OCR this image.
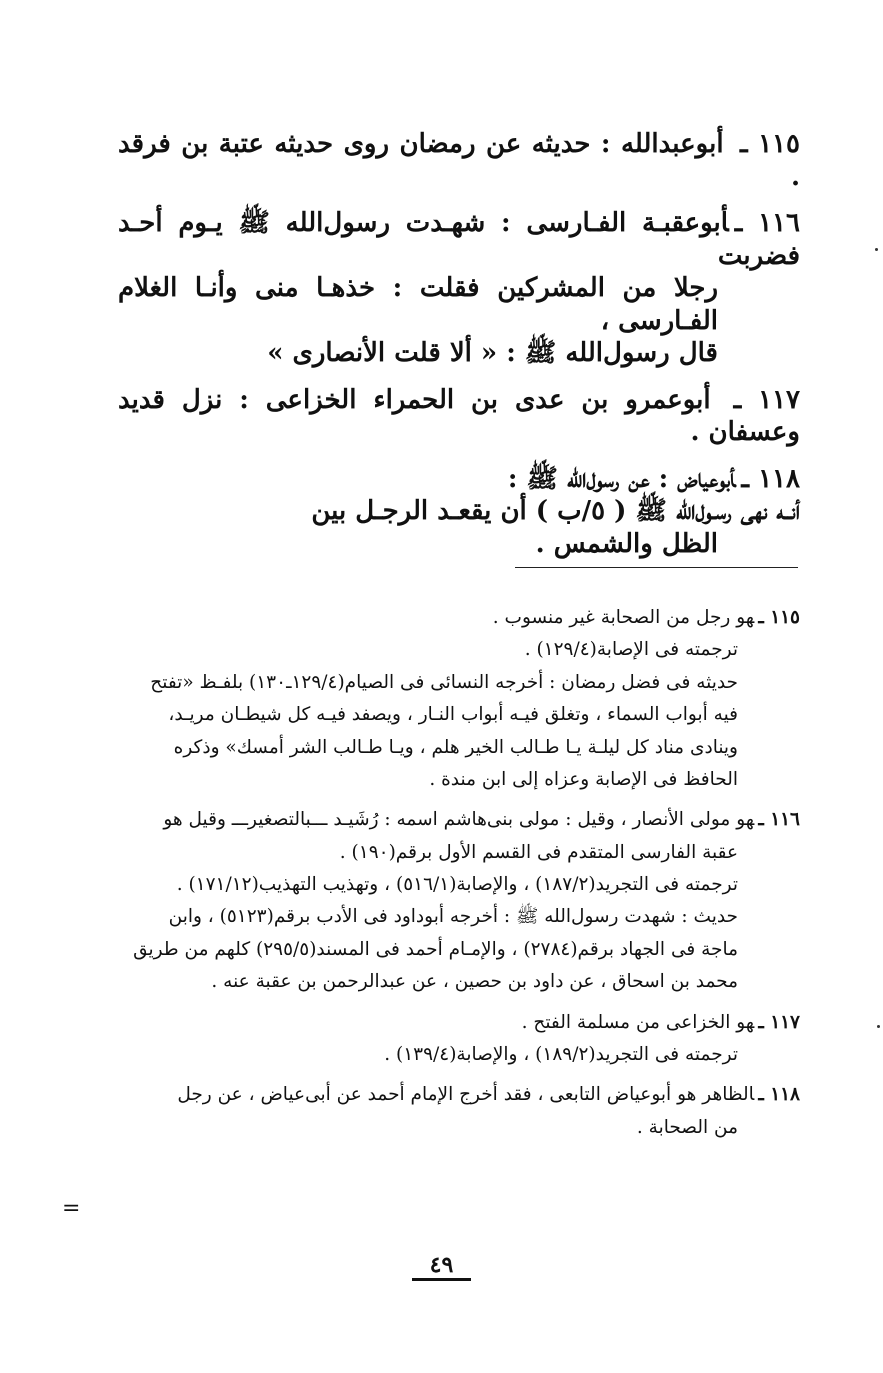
١١٥ ـ أبوعبدالله : حديثه عن رمضان روى حديثه عتبة بن فرقد .
١١٦ ـأبوعقبـة الفـارسى : شهـدت رسول‌الله ﷺ يـوم أحـد فضربت
رجلا من المشركين فقلت : خذهـا منى وأنـا الغلام الفـارسى ،
قال رسول‌الله ﷺ : « ألا قلت الأنصارى »
١١٧ ـ أبوعمرو بن عدى بن الحمراء الخزاعى : نزل قديد وعسفان .
١١٨ ـأبوعياض : عن رسول‌الله ﷺ :
أنــه نهى رسـول‌الله ﷺ ( ٥/ب ) أن يقعـد الرجـل بين
الظل والشمس .
١١٥ ـهو رجل من الصحابة غير منسوب .
ترجمته فى الإصابة(١٢٩/٤) .
حديثه فى فضل رمضان : أخرجه النسائى فى الصيام(١٢٩/٤ـ١٣٠) بلفـظ «تفتح
فيه أبواب السماء ، وتغلق فيـه أبواب النـار ، ويصفد فيـه كل شيطـان مريـد،
وينادى مناد كل ليلـة يـا طـالب الخير هلم ، ويـا طـالب الشر أمسك» وذكره
الحافظ فى الإصابة وعزاه إلى ابن مندة .
١١٦ ـهو مولى الأنصار ، وقيل : مولى بنى‌هاشم اسمه : رُشَيـد ـــبالتصغيرـــ وقيل هو
عقبة الفارسى المتقدم فى القسم الأول برقم(١٩٠) .
ترجمته فى التجريد(١٨٧/٢) ، والإصابة(٥١٦/١) ، وتهذيب التهذيب(١٧١/١٢) .
حديث : شهدت رسول‌الله ﷺ : أخرجه أبوداود فى الأدب برقم(٥١٢٣) ، وابن
ماجة فى الجهاد برقم(٢٧٨٤) ، والإمـام أحمد فى المسند(٢٩٥/٥) كلهم من طريق
محمد بن اسحاق ، عن داود بن حصين ، عن عبدالرحمن بن عقبة عنه .
١١٧ ـهو الخزاعى من مسلمة الفتح .
ترجمته فى التجريد(١٨٩/٢) ، والإصابة(١٣٩/٤) .
١١٨ ـالظاهر هو أبوعياض التابعى ، فقد أخرج الإمام أحمد عن أبى‌عياض ، عن رجل
من الصحابة .
=
٤٩
